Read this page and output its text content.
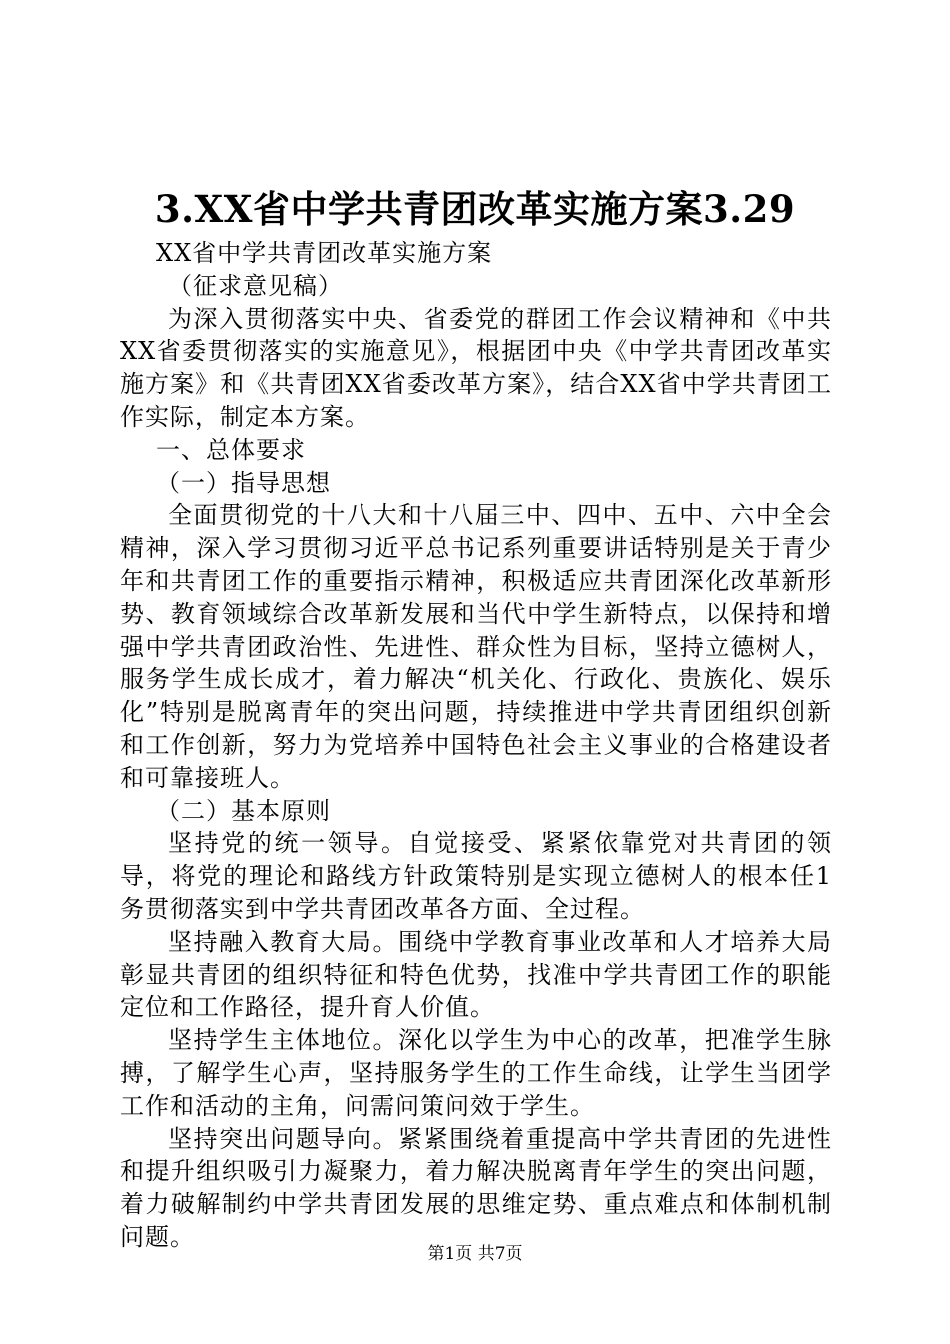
3.XX省中学共青团改革实施方案3.29

XX省中学共青团改革实施方案

（征求意见稿）

为深入贯彻落实中央、省委党的群团工作会议精神和《中共XX省委贯彻落实的实施意见》，根据团中央《中学共青团改革实施方案》和《共青团XX省委改革方案》，结合XX省中学共青团工作实际，制定本方案。

一、总体要求

（一）指导思想

全面贯彻党的十八大和十八届三中、四中、五中、六中全会精神，深入学习贯彻习近平总书记系列重要讲话特别是关于青少年和共青团工作的重要指示精神，积极适应共青团深化改革新形势、教育领域综合改革新发展和当代中学生新特点，以保持和增强中学共青团政治性、先进性、群众性为目标，坚持立德树人，服务学生成长成才，着力解决“机关化、行政化、贵族化、娱乐化”特别是脱离青年的突出问题，持续推进中学共青团组织创新和工作创新，努力为党培养中国特色社会主义事业的合格建设者和可靠接班人。

（二）基本原则

坚持党的统一领导。自觉接受、紧紧依靠党对共青团的领导，将党的理论和路线方针政策特别是实现立德树人的根本任1务贯彻落实到中学共青团改革各方面、全过程。

坚持融入教育大局。围绕中学教育事业改革和人才培养大局彰显共青团的组织特征和特色优势，找准中学共青团工作的职能定位和工作路径，提升育人价值。

坚持学生主体地位。深化以学生为中心的改革，把准学生脉搏，了解学生心声，坚持服务学生的工作生命线，让学生当团学工作和活动的主角，问需问策问效于学生。

坚持突出问题导向。紧紧围绕着重提高中学共青团的先进性和提升组织吸引力凝聚力，着力解决脱离青年学生的突出问题，着力破解制约中学共青团发展的思维定势、重点难点和体制机制问题。

第1页 共7页
